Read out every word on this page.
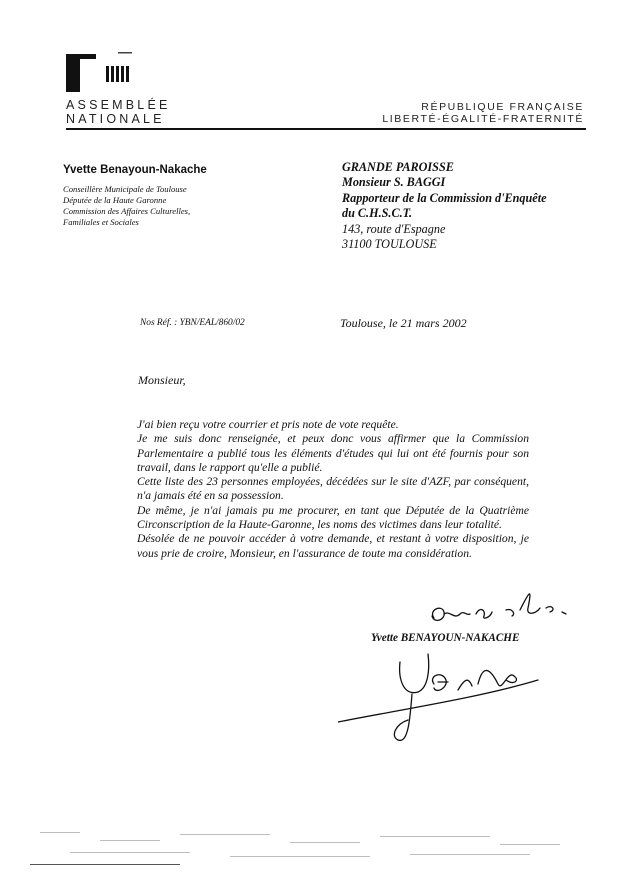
ASSEMBLÉE
NATIONALE
RÉPUBLIQUE FRANÇAISE
LIBERTÉ-ÉGALITÉ-FRATERNITÉ
Yvette Benayoun-Nakache
Conseillère Municipale de Toulouse
Députée de la Haute Garonne
Commission des Affaires Culturelles,
Familiales et Sociales
GRANDE PAROISSE
Monsieur S. BAGGI
Rapporteur de la Commission d'Enquête
du C.H.S.C.T.
143, route d'Espagne
31100 TOULOUSE
Nos Réf. : YBN/EAL/860/02	Toulouse, le 21 mars 2002
Monsieur,

J'ai bien reçu votre courrier et pris note de vote requête.

Je me suis donc renseignée, et peux donc vous affirmer que la Commission Parlementaire a publié tous les éléments d'études qui lui ont été fournis pour son travail, dans le rapport qu'elle a publié.

Cette liste des 23 personnes employées, décédées sur le site d'AZF, par conséquent, n'a jamais été en sa possession.

De même, je n'ai jamais pu me procurer, en tant que Députée de la Quatrième Circonscription de la Haute-Garonne, les noms des victimes dans leur totalité.

Désolée de ne pouvoir accéder à votre demande, et restant à votre disposition, je vous prie de croire, Monsieur, en l'assurance de toute ma considération.

Yvette BENAYOUN-NAKACHE
